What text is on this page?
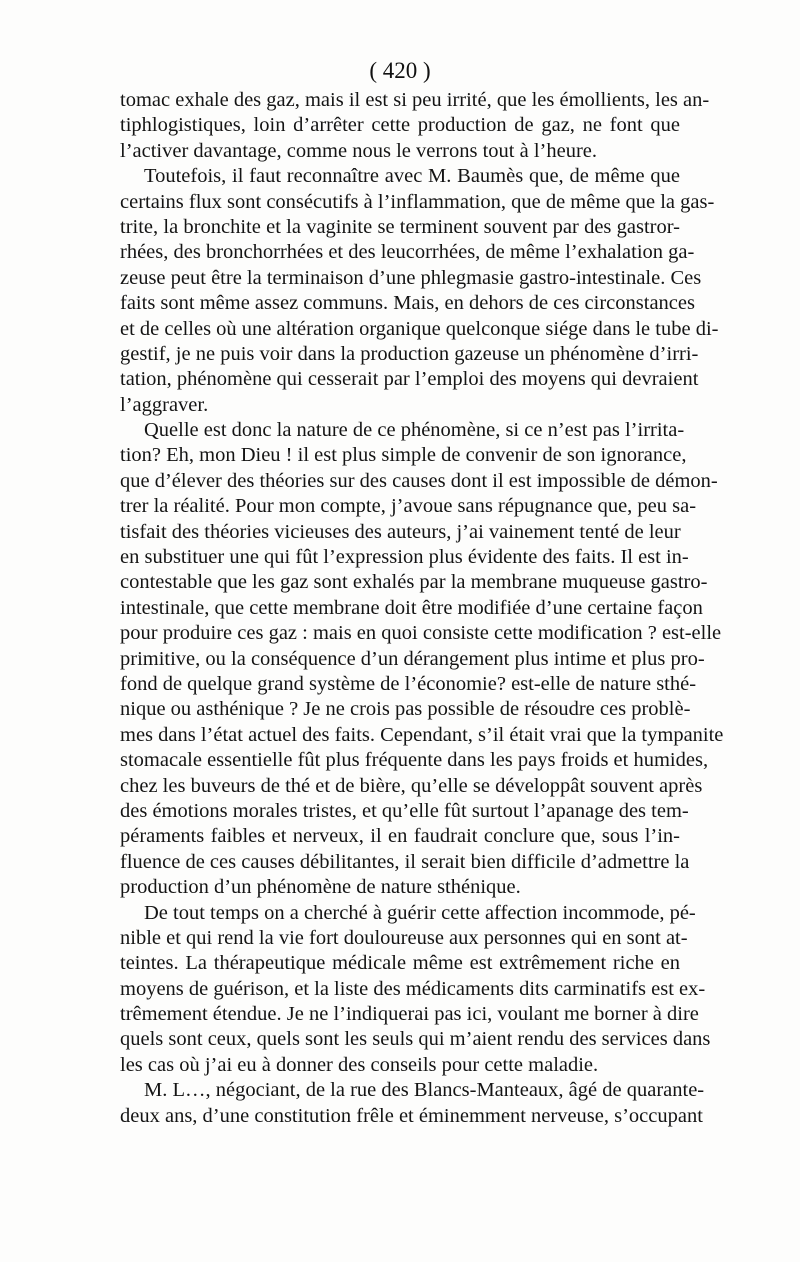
( 420 )
tomac exhale des gaz, mais il est si peu irrité, que les émollients, les an-
tiphlogistiques, loin d’arrêter cette production de gaz, ne font que
l’activer davantage, comme nous le verrons tout à l’heure.
Toutefois, il faut reconnaître avec M. Baumès que, de même que
certains flux sont consécutifs à l’inflammation, que de même que la gas-
trite, la bronchite et la vaginite se terminent souvent par des gastror-
rhées, des bronchorrhées et des leucorrhées, de même l’exhalation ga-
zeuse peut être la terminaison d’une phlegmasie gastro-intestinale. Ces
faits sont même assez communs. Mais, en dehors de ces circonstances
et de celles où une altération organique quelconque siége dans le tube di-
gestif, je ne puis voir dans la production gazeuse un phénomène d’irri-
tation, phénomène qui cesserait par l’emploi des moyens qui devraient
l’aggraver.
Quelle est donc la nature de ce phénomène, si ce n’est pas l’irrita-
tion? Eh, mon Dieu ! il est plus simple de convenir de son ignorance,
que d’élever des théories sur des causes dont il est impossible de démon-
trer la réalité. Pour mon compte, j’avoue sans répugnance que, peu sa-
tisfait des théories vicieuses des auteurs, j’ai vainement tenté de leur
en substituer une qui fût l’expression plus évidente des faits. Il est in-
contestable que les gaz sont exhalés par la membrane muqueuse gastro-
intestinale, que cette membrane doit être modifiée d’une certaine façon
pour produire ces gaz : mais en quoi consiste cette modification ? est-elle
primitive, ou la conséquence d’un dérangement plus intime et plus pro-
fond de quelque grand système de l’économie? est-elle de nature sthé-
nique ou asthénique ? Je ne crois pas possible de résoudre ces problè-
mes dans l’état actuel des faits. Cependant, s’il était vrai que la tympanite
stomacale essentielle fût plus fréquente dans les pays froids et humides,
chez les buveurs de thé et de bière, qu’elle se développât souvent après
des émotions morales tristes, et qu’elle fût surtout l’apanage des tem-
péraments faibles et nerveux, il en faudrait conclure que, sous l’in-
fluence de ces causes débilitantes, il serait bien difficile d’admettre la
production d’un phénomène de nature sthénique.
De tout temps on a cherché à guérir cette affection incommode, pé-
nible et qui rend la vie fort douloureuse aux personnes qui en sont at-
teintes. La thérapeutique médicale même est extrêmement riche en
moyens de guérison, et la liste des médicaments dits carminatifs est ex-
trêmement étendue. Je ne l’indiquerai pas ici, voulant me borner à dire
quels sont ceux, quels sont les seuls qui m’aient rendu des services dans
les cas où j’ai eu à donner des conseils pour cette maladie.
M. L…, négociant, de la rue des Blancs-Manteaux, âgé de quarante-
deux ans, d’une constitution frêle et éminemment nerveuse, s’occupant
